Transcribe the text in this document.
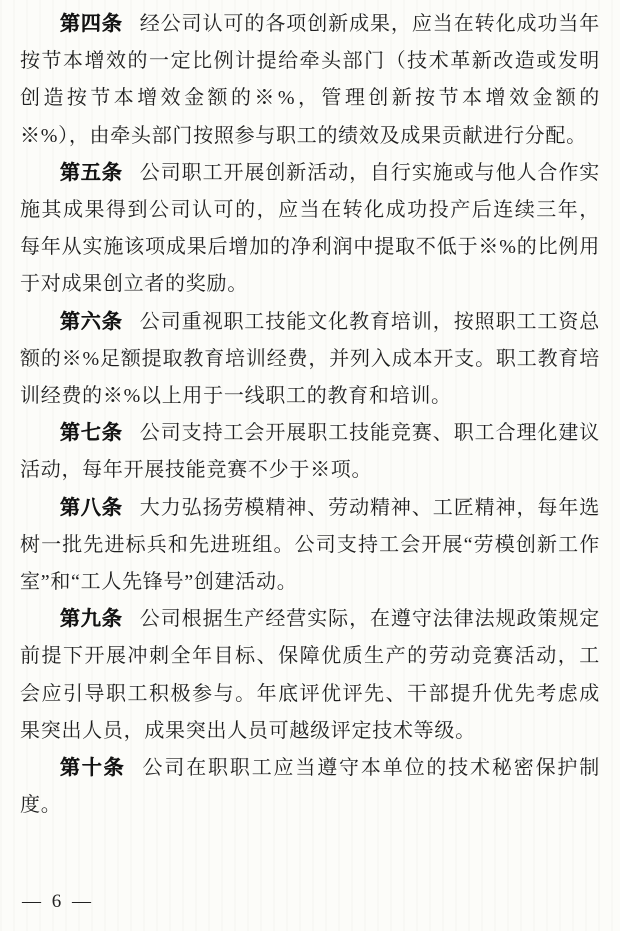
第四条 经公司认可的各项创新成果，应当在转化成功当年按节本增效的一定比例计提给牵头部门（技术革新改造或发明创造按节本增效金额的※%，管理创新按节本增效金额的※%），由牵头部门按照参与职工的绩效及成果贡献进行分配。

第五条 公司职工开展创新活动，自行实施或与他人合作实施其成果得到公司认可的，应当在转化成功投产后连续三年，每年从实施该项成果后增加的净利润中提取不低于※%的比例用于对成果创立者的奖励。

第六条 公司重视职工技能文化教育培训，按照职工工资总额的※%足额提取教育培训经费，并列入成本开支。职工教育培训经费的※%以上用于一线职工的教育和培训。

第七条 公司支持工会开展职工技能竞赛、职工合理化建议活动，每年开展技能竞赛不少于※项。

第八条 大力弘扬劳模精神、劳动精神、工匠精神，每年选树一批先进标兵和先进班组。公司支持工会开展“劳模创新工作室”和“工人先锋号”创建活动。

第九条 公司根据生产经营实际，在遵守法律法规政策规定前提下开展冲刺全年目标、保障优质生产的劳动竞赛活动，工会应引导职工积极参与。年底评优评先、干部提升优先考虑成果突出人员，成果突出人员可越级评定技术等级。

第十条 公司在职职工应当遵守本单位的技术秘密保护制度。

— 6 —
